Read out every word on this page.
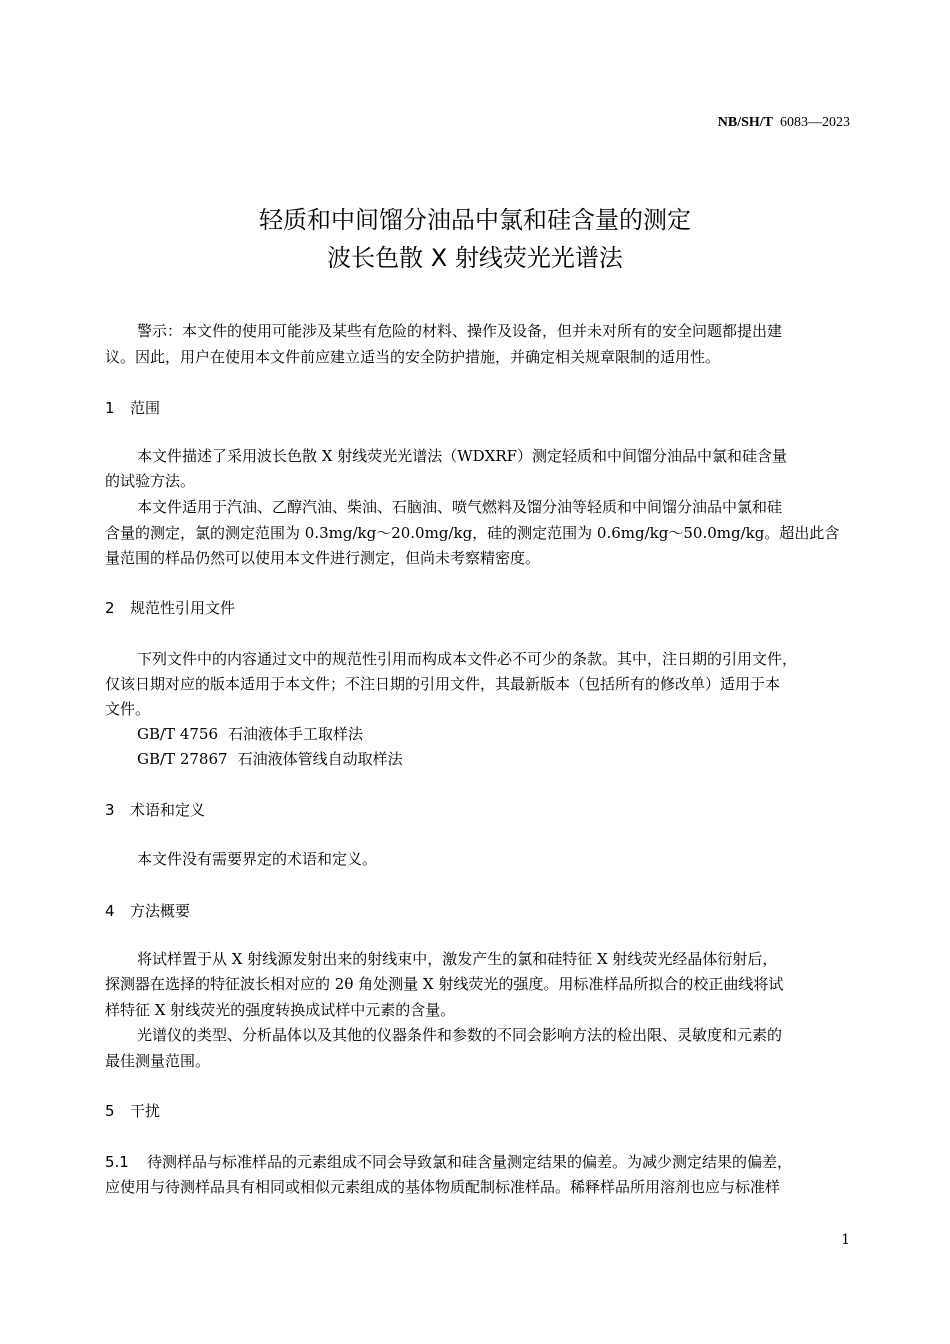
NB/SH/T 6083—2023
轻质和中间馏分油品中氯和硅含量的测定
波长色散 X 射线荧光光谱法
警示：本文件的使用可能涉及某些有危险的材料、操作及设备，但并未对所有的安全问题都提出建
议。因此，用户在使用本文件前应建立适当的安全防护措施，并确定相关规章限制的适用性。
1 范围
本文件描述了采用波长色散 X 射线荧光光谱法（WDXRF）测定轻质和中间馏分油品中氯和硅含量
的试验方法。
本文件适用于汽油、乙醇汽油、柴油、石脑油、喷气燃料及馏分油等轻质和中间馏分油品中氯和硅
含量的测定，氯的测定范围为 0.3mg/kg～20.0mg/kg，硅的测定范围为 0.6mg/kg～50.0mg/kg。超出此含
量范围的样品仍然可以使用本文件进行测定，但尚未考察精密度。
2 规范性引用文件
下列文件中的内容通过文中的规范性引用而构成本文件必不可少的条款。其中，注日期的引用文件，
仅该日期对应的版本适用于本文件；不注日期的引用文件，其最新版本（包括所有的修改单）适用于本
文件。
GB/T 4756 石油液体手工取样法
GB/T 27867 石油液体管线自动取样法
3 术语和定义
本文件没有需要界定的术语和定义。
4 方法概要
将试样置于从 X 射线源发射出来的射线束中，激发产生的氯和硅特征 X 射线荧光经晶体衍射后，
探测器在选择的特征波长相对应的 2θ 角处测量 X 射线荧光的强度。用标准样品所拟合的校正曲线将试
样特征 X 射线荧光的强度转换成试样中元素的含量。
光谱仪的类型、分析晶体以及其他的仪器条件和参数的不同会影响方法的检出限、灵敏度和元素的
最佳测量范围。
5 干扰
5.1 待测样品与标准样品的元素组成不同会导致氯和硅含量测定结果的偏差。为减少测定结果的偏差，
应使用与待测样品具有相同或相似元素组成的基体物质配制标准样品。稀释样品所用溶剂也应与标准样
1
